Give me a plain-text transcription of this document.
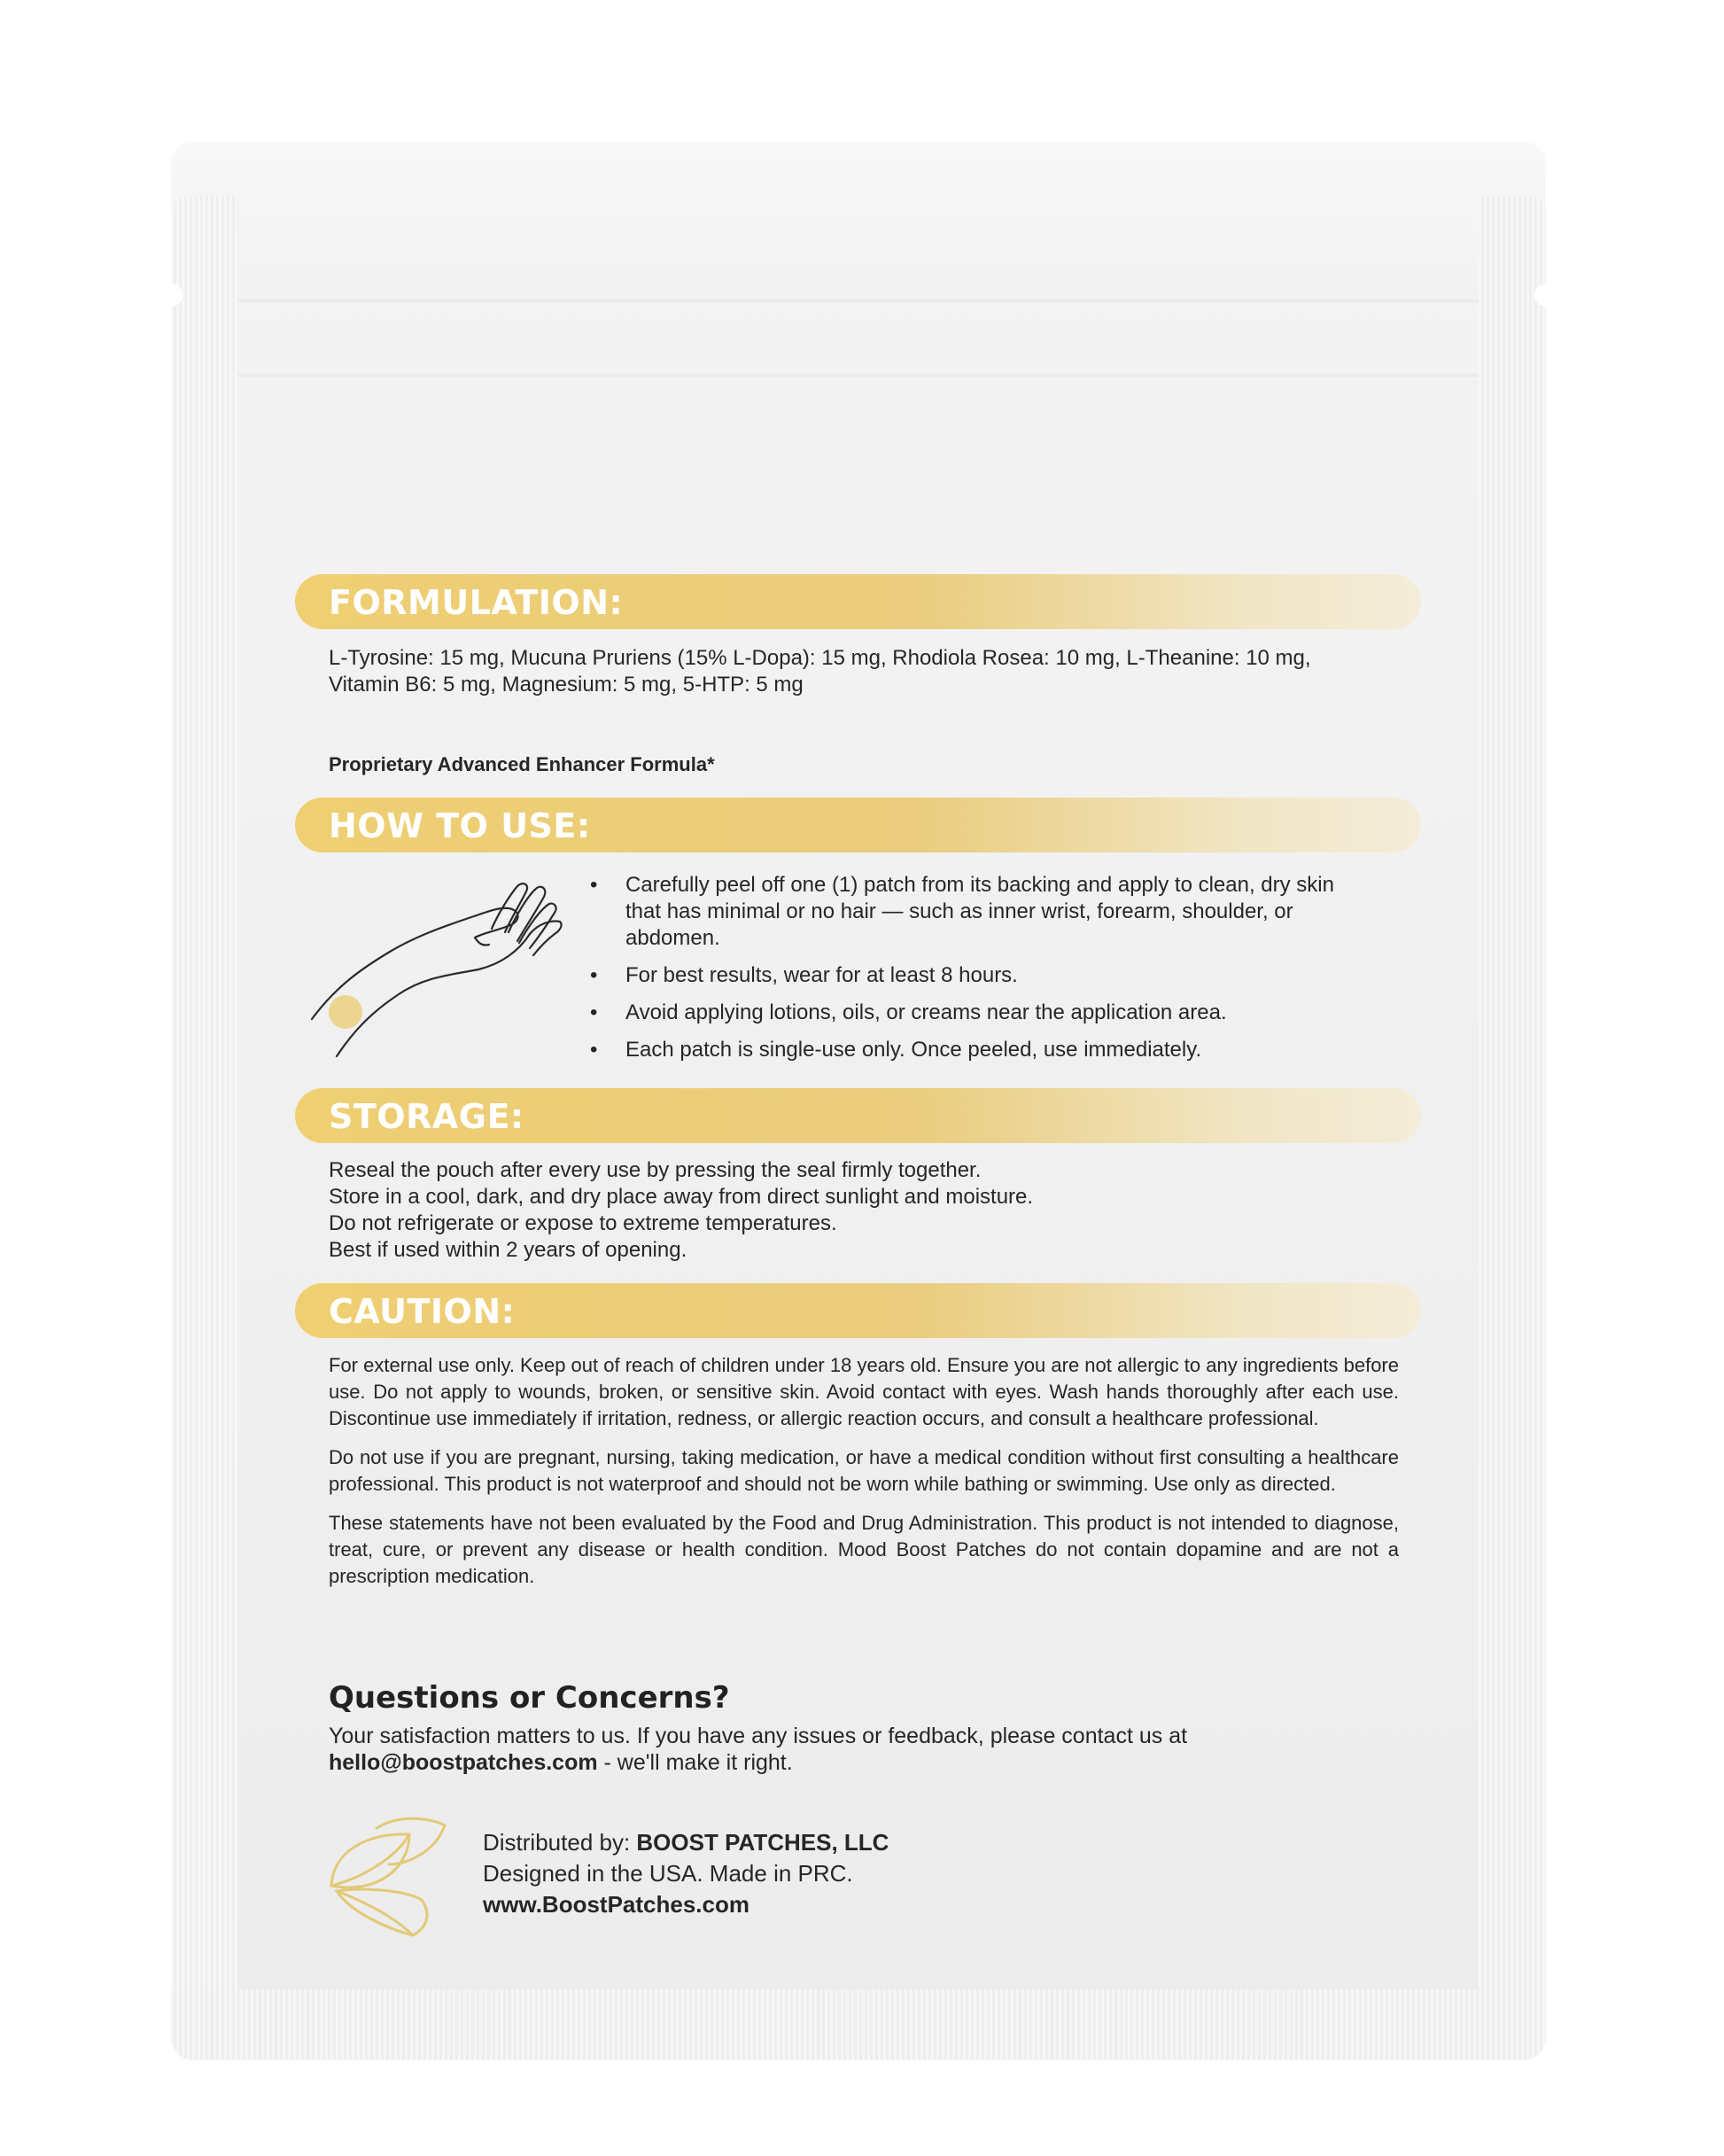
FORMULATION:

L-Tyrosine: 15 mg, Mucuna Pruriens (15% L-Dopa): 15 mg, Rhodiola Rosea: 10 mg, L-Theanine: 10 mg,

Vitamin B6: 5 mg, Magnesium: 5 mg, 5-HTP: 5 mg

Proprietary Advanced Enhancer Formula*
HOW TO USE:
• Carefully peel off one (1) patch from its backing and apply to clean, dry skin that has minimal or no hair — such as inner wrist, forearm, shoulder, or abdomen.
• For best results, wear for at least 8 hours.
• Avoid applying lotions, oils, or creams near the application area.
• Each patch is single-use only. Once peeled, use immediately.
STORAGE:

Reseal the pouch after every use by pressing the seal firmly together.

Store in a cool, dark, and dry place away from direct sunlight and moisture.

Do not refrigerate or expose to extreme temperatures.

Best if used within 2 years of opening.

CAUTION:

For external use only. Keep out of reach of children under 18 years old. Ensure you are not allergic to any ingredients before use. Do not apply to wounds, broken, or sensitive skin. Avoid contact with eyes. Wash hands thoroughly after each use. Discontinue use immediately if irritation, redness, or allergic reaction occurs, and consult a healthcare professional.

Do not use if you are pregnant, nursing, taking medication, or have a medical condition without first consulting a healthcare professional. This product is not waterproof and should not be worn while bathing or swimming. Use only as directed.

These statements have not been evaluated by the Food and Drug Administration. This product is not intended to diagnose, treat, cure, or prevent any disease or health condition. Mood Boost Patches do not contain dopamine and are not a prescription medication.

Questions or Concerns?
Your satisfaction matters to us. If you have any issues or feedback, please contact us at
hello@boostpatches.com - we'll make it right.

Distributed by: BOOST PATCHES, LLC

Designed in the USA. Made in PRC.

www.BoostPatches.com
